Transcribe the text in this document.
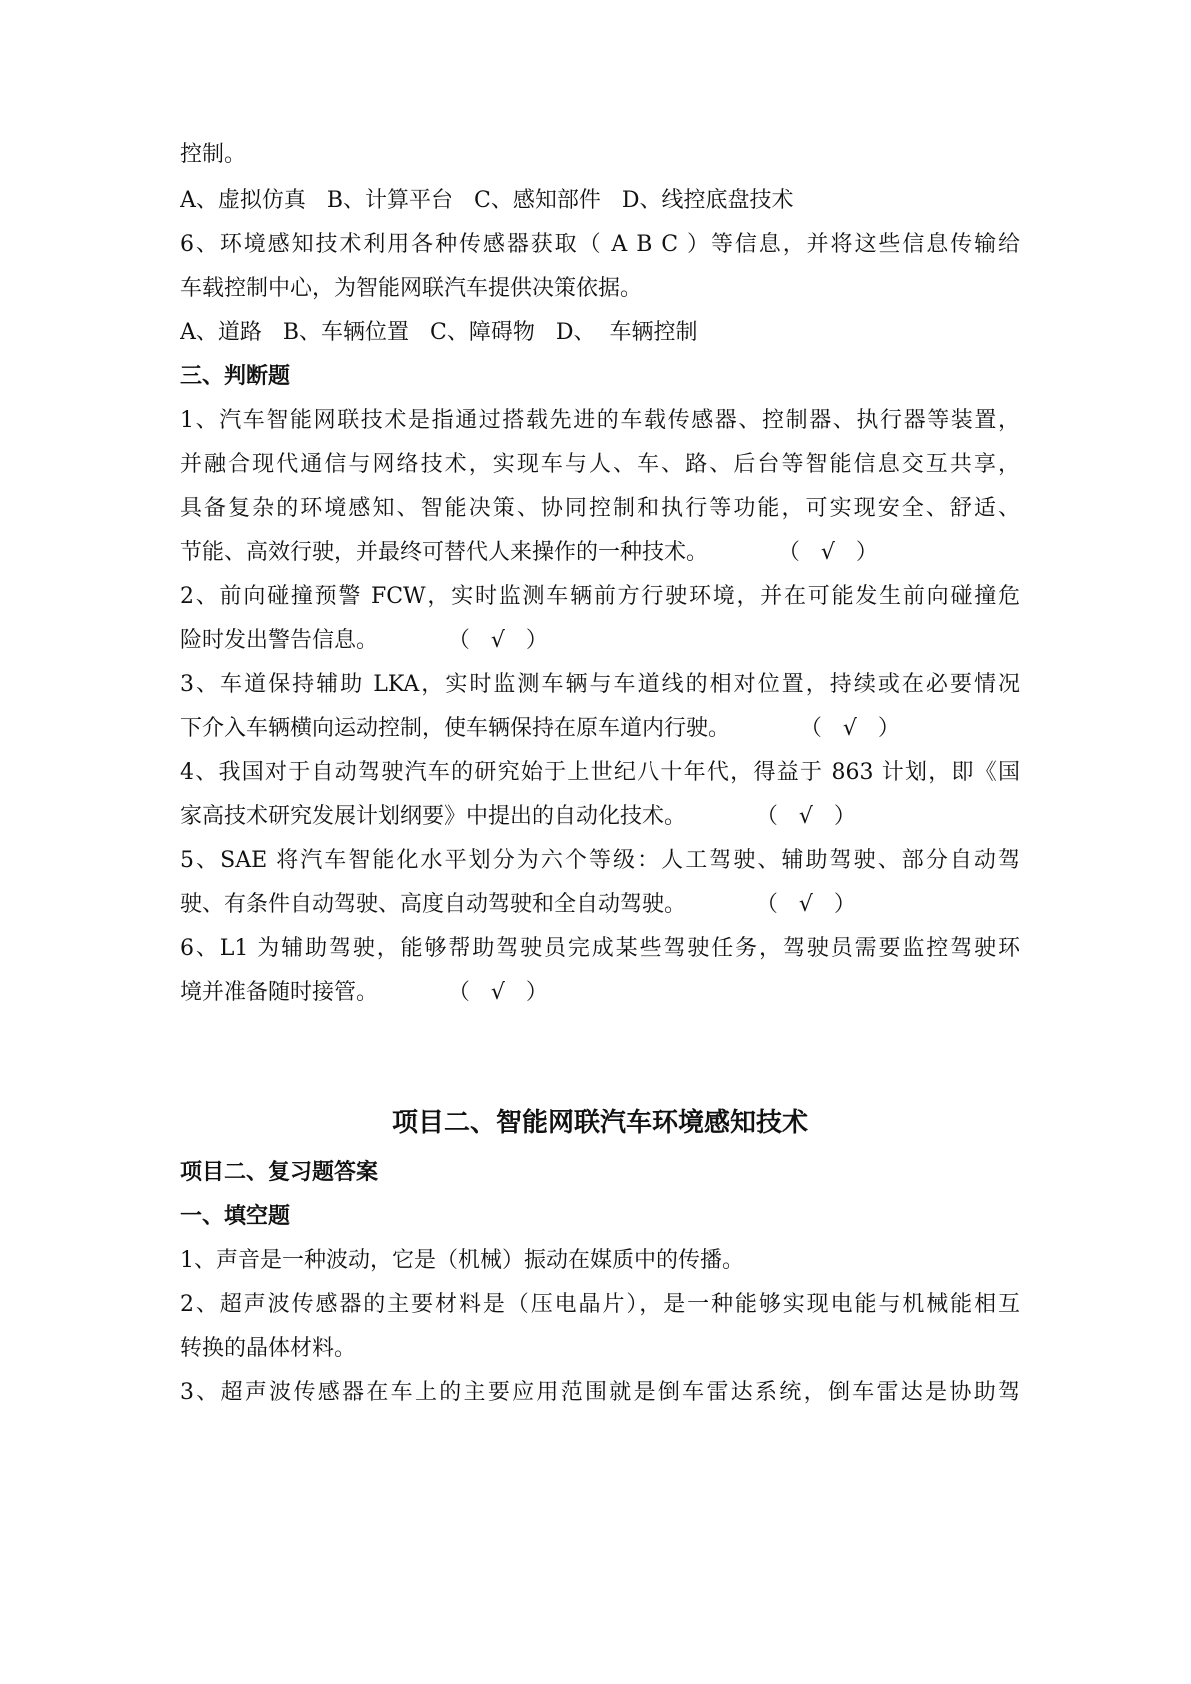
控制。
A、虚拟仿真   B、计算平台   C、感知部件   D、线控底盘技术
6、环境感知技术利用各种传感器获取（ A B C ）等信息，并将这些信息传输给
车载控制中心，为智能网联汽车提供决策依据。
A、道路   B、车辆位置   C、障碍物   D、  车辆控制
三、判断题
1、汽车智能网联技术是指通过搭载先进的车载传感器、控制器、执行器等装置，
并融合现代通信与网络技术，实现车与人、车、路、后台等智能信息交互共享，
具备复杂的环境感知、智能决策、协同控制和执行等功能，可实现安全、舒适、
节能、高效行驶，并最终可替代人来操作的一种技术。          （   √   ）
2、前向碰撞预警 FCW，实时监测车辆前方行驶环境，并在可能发生前向碰撞危
险时发出警告信息。          （   √   ）
3、车道保持辅助 LKA，实时监测车辆与车道线的相对位置，持续或在必要情况
下介入车辆横向运动控制，使车辆保持在原车道内行驶。          （   √   ）
4、我国对于自动驾驶汽车的研究始于上世纪八十年代，得益于 863 计划，即《国
家高技术研究发展计划纲要》中提出的自动化技术。          （   √   ）
5、SAE 将汽车智能化水平划分为六个等级：人工驾驶、辅助驾驶、部分自动驾
驶、有条件自动驾驶、高度自动驾驶和全自动驾驶。          （   √   ）
6、L1 为辅助驾驶，能够帮助驾驶员完成某些驾驶任务，驾驶员需要监控驾驶环
境并准备随时接管。          （   √   ）
项目二、智能网联汽车环境感知技术
项目二、复习题答案
一、填空题
1、声音是一种波动，它是（机械）振动在媒质中的传播。
2、超声波传感器的主要材料是（压电晶片），是一种能够实现电能与机械能相互
转换的晶体材料。
3、超声波传感器在车上的主要应用范围就是倒车雷达系统，倒车雷达是协助驾
